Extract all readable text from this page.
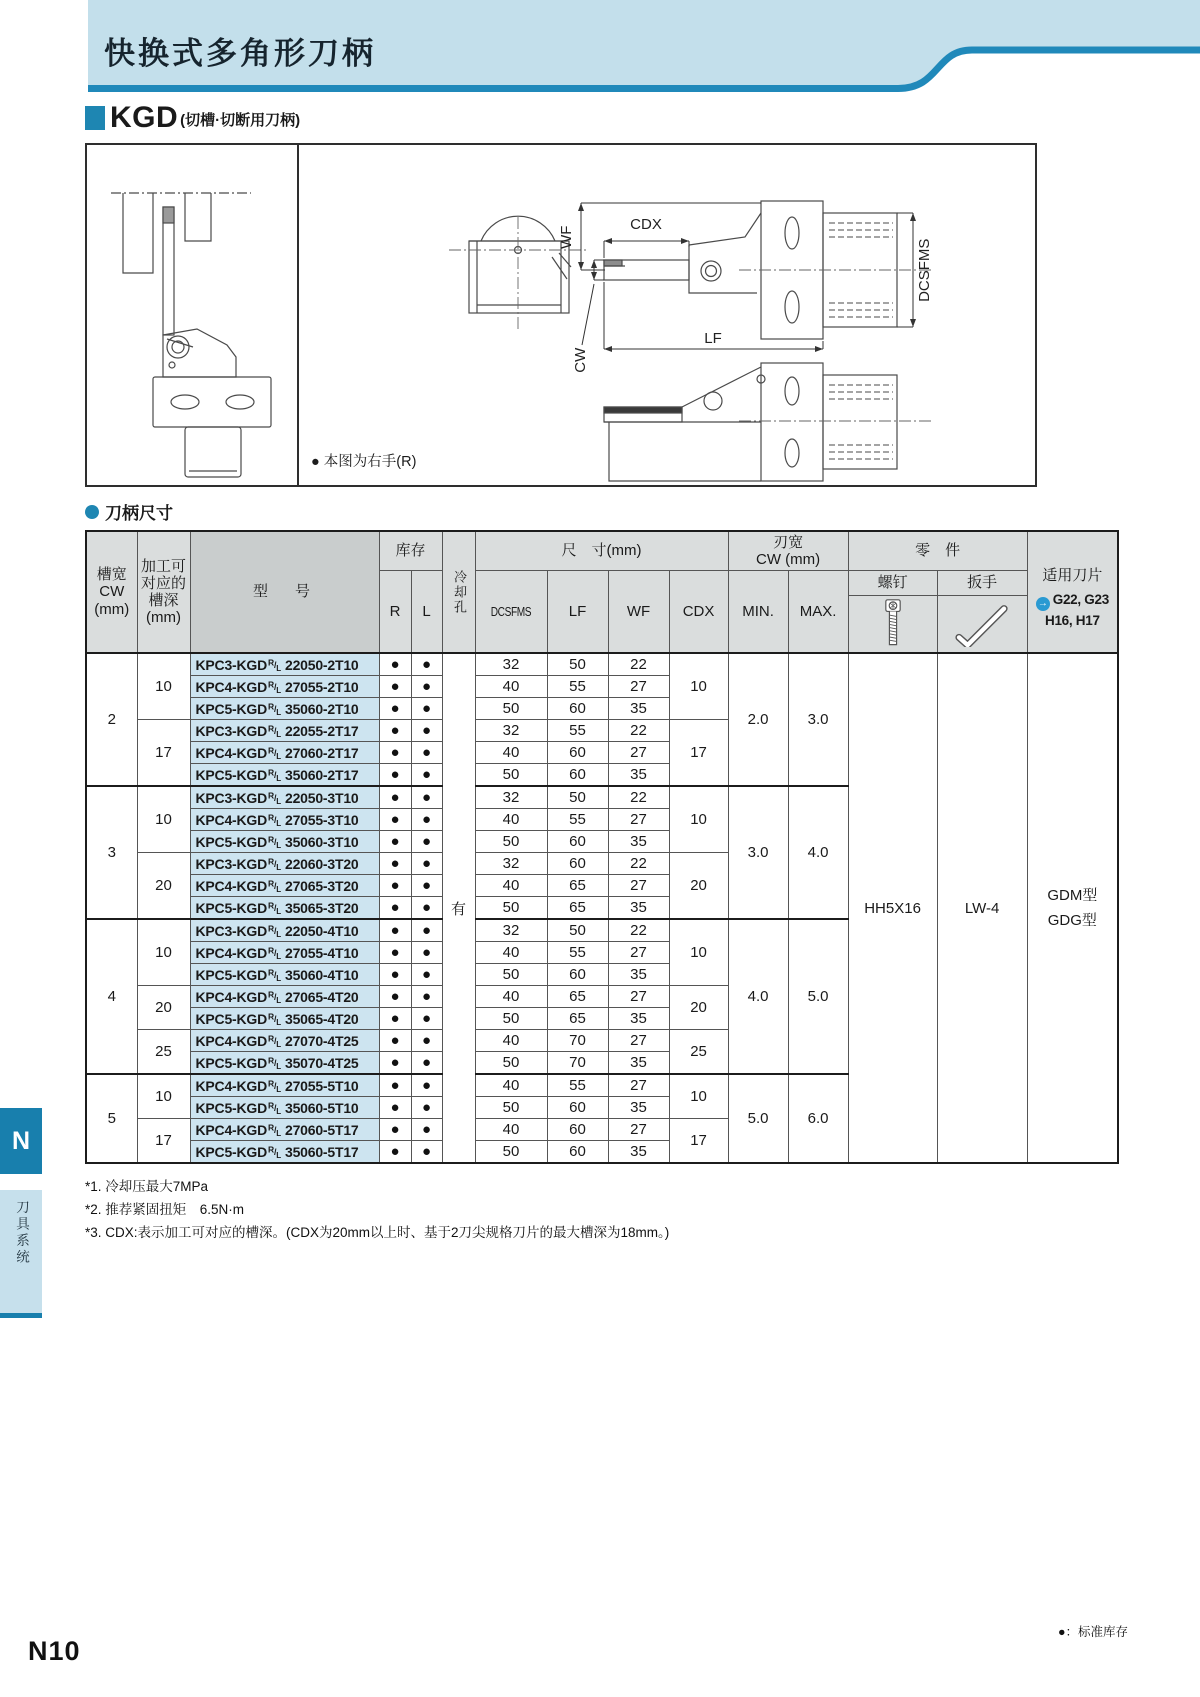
快换式多角形刀柄
KGD (切槽·切断用刀柄)
CDX
WF
CW
LF
DCSFMS
● 本图为右手(R)
刀柄尺寸
槽宽
CW
(mm)

加工可
对应的
槽深
(mm)
	型　号	库存	
冷却孔
	尺　寸(mm)	
刃宽
CW (mm)
	零　件	
适用刀片
→ G22, G23
H16, H17

			R	L		DCSFMS	LF	WF	CDX	MIN.	MAX.	螺钉	扳手	

2	10	$KPC3-KGD^R/L$ 22050-2T10	●	●	有	32	50	22	10	2.0	3.0	HH5X16	LW-4	GDM型
GDG型

		$KPC4-KGD^R/L$ 27055-2T10	●	●		40	55	27						
		$KPC5-KGD^R/L$ 35060-2T10	●	●		50	60	35						
	17	$KPC3-KGD^R/L$ 22055-2T17	●	●		32	55	22	17					
		$KPC4-KGD^R/L$ 27060-2T17	●	●		40	60	27						
		$KPC5-KGD^R/L$ 35060-2T17	●	●		50	60	35						
3	10	$KPC3-KGD^R/L$ 22050-3T10	●	●		32	50	22	10	3.0	4.0			
		$KPC4-KGD^R/L$ 27055-3T10	●	●		40	55	27						
		$KPC5-KGD^R/L$ 35060-3T10	●	●		50	60	35						
	20	$KPC3-KGD^R/L$ 22060-3T20	●	●		32	60	22	20					
		$KPC4-KGD^R/L$ 27065-3T20	●	●		40	65	27						
		$KPC5-KGD^R/L$ 35065-3T20	●	●		50	65	35						
4	10	$KPC3-KGD^R/L$ 22050-4T10	●	●		32	50	22	10	4.0	5.0			
		$KPC4-KGD^R/L$ 27055-4T10	●	●		40	55	27						
		$KPC5-KGD^R/L$ 35060-4T10	●	●		50	60	35						
	20	$KPC4-KGD^R/L$ 27065-4T20	●	●		40	65	27	20					
		$KPC5-KGD^R/L$ 35065-4T20	●	●		50	65	35						
	25	$KPC4-KGD^R/L$ 27070-4T25	●	●		40	70	27	25					
		$KPC5-KGD^R/L$ 35070-4T25	●	●		50	70	35						
5	10	$KPC4-KGD^R/L$ 27055-5T10	●	●		40	55	27	10	5.0	6.0			
		$KPC5-KGD^R/L$ 35060-5T10	●	●		50	60	35						
	17	$KPC4-KGD^R/L$ 27060-5T17	●	●		40	60	27	17					
		$KPC5-KGD^R/L$ 35060-5T17	●	●		50	60	35						
*1. 冷却压最大7MPa
*2. 推荐紧固扭矩　6.5N·m
*3. CDX:表示加工可对应的槽深。(CDX为20mm以上时、基于2刀尖规格刀片的最大槽深为18mm。)
N
刀具系统
●：标准库存
N10
